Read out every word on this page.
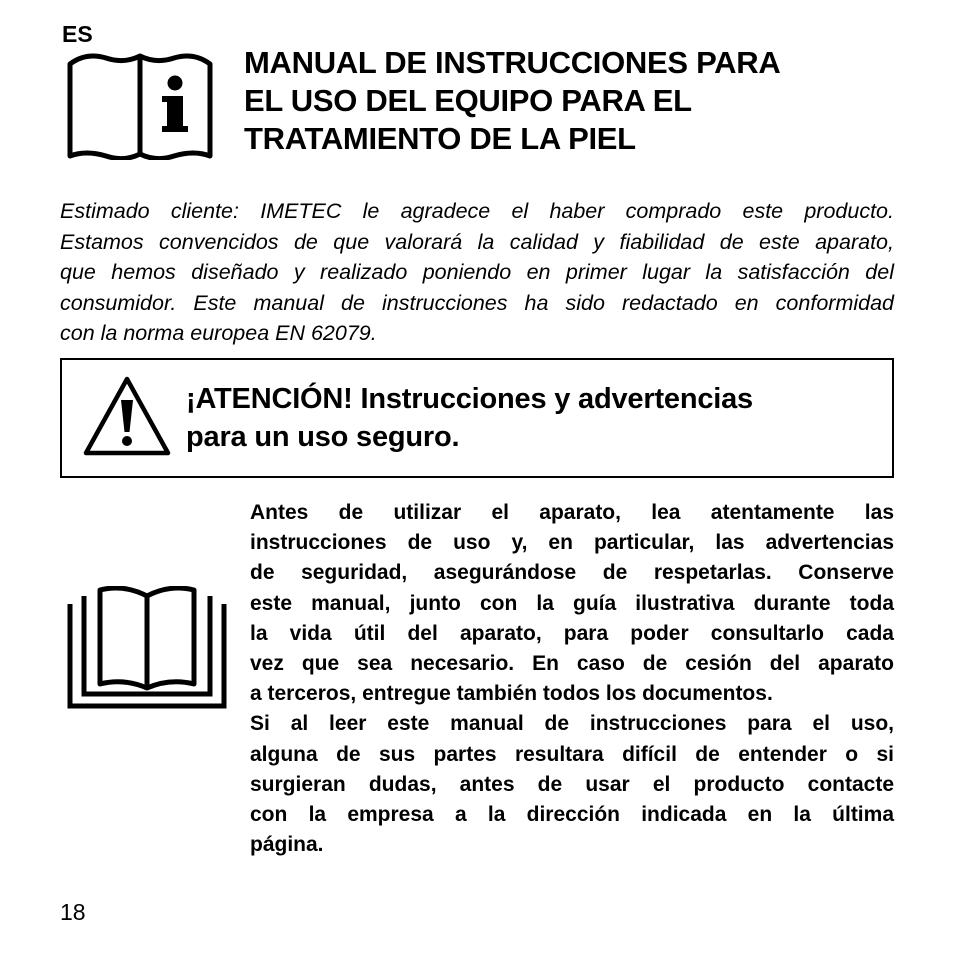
ES
MANUAL DE INSTRUCCIONES PARA
EL USO DEL EQUIPO PARA EL
TRATAMIENTO DE LA PIEL

Estimado cliente: IMETEC le agradece el haber comprado este producto.
Estamos convencidos de que valorará la calidad y fiabilidad de este aparato,
que hemos diseñado y realizado poniendo en primer lugar la satisfacción del
consumidor. Este manual de instrucciones ha sido redactado en conformidad
con la norma europea EN 62079.

¡ATENCIÓN! Instrucciones y advertencias
para un uso seguro.

Antes de utilizar el aparato, lea atentamente las
instrucciones de uso y, en particular, las advertencias
de seguridad, asegurándose de respetarlas. Conserve
este manual, junto con la guía ilustrativa durante toda
la vida útil del aparato, para poder consultarlo cada
vez que sea necesario. En caso de cesión del aparato
a terceros, entregue también todos los documentos.
Si al leer este manual de instrucciones para el uso,
alguna de sus partes resultara difícil de entender o si
surgieran dudas, antes de usar el producto contacte
con la empresa a la dirección indicada en la última
página.

18
